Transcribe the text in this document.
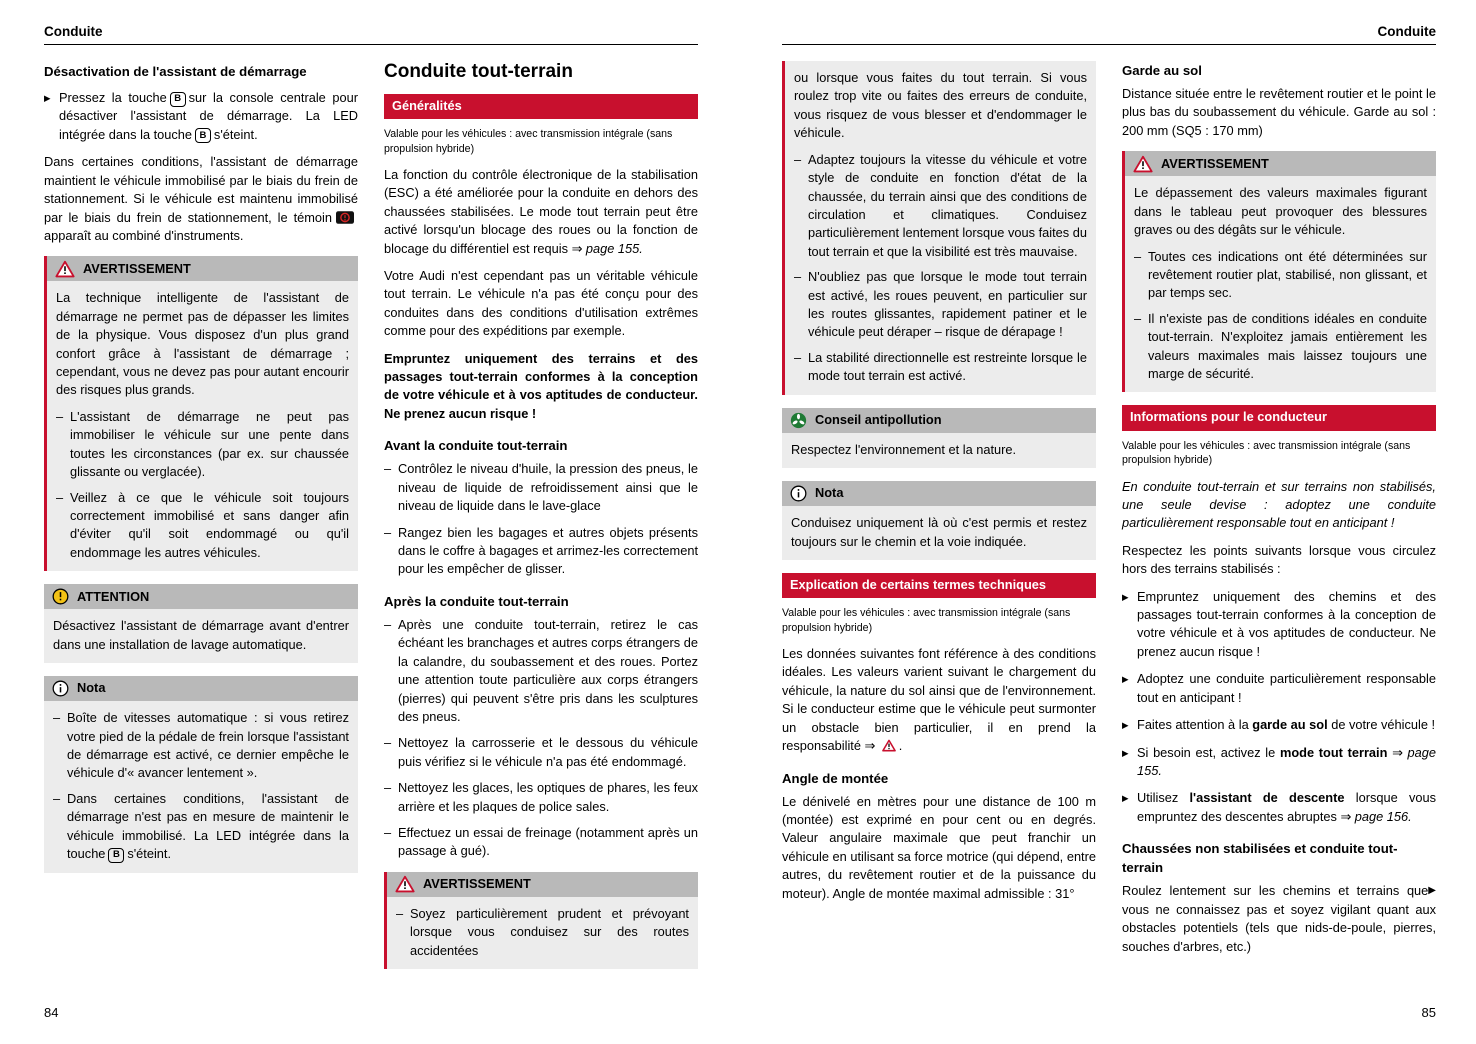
Conduite
Désactivation de l'assistant de démarrage

▶ Pressez la touche B sur la console centrale pour désactiver l'assistant de démarrage. La LED intégrée dans la touche B s'éteint.

Dans certaines conditions, l'assistant de démarrage maintient le véhicule immobilisé par le biais du frein de stationnement. Si le véhicule est maintenu immobilisé par le biais du frein de stationnement, le témoinapparaît au combiné d'instruments.

AVERTISSEMENT

La technique intelligente de l'assistant de démarrage ne permet pas de dépasser les limites de la physique. Vous disposez d'un plus grand confort grâce à l'assistant de démarrage ; cependant, vous ne devez pas pour autant encourir des risques plus grands.

– L'assistant de démarrage ne peut pas immobiliser le véhicule sur une pente dans toutes les circonstances (par ex. sur chaussée glissante ou verglacée).

– Veillez à ce que le véhicule soit toujours correctement immobilisé et sans danger afin d'éviter qu'il soit endommagé ou qu'il endommage les autres véhicules.

ATTENTION

Désactivez l'assistant de démarrage avant d'entrer dans une installation de lavage automatique.

Nota

– Boîte de vitesses automatique : si vous retirez votre pied de la pédale de frein lorsque l'assistant de démarrage est activé, ce dernier empêche le véhicule d'« avancer lentement ».

– Dans certaines conditions, l'assistant de démarrage n'est pas en mesure de maintenir le véhicule immobilisé. La LED intégrée dans la touche B s'éteint.

Conduite tout-terrain
Généralités

Valable pour les véhicules : avec transmission intégrale (sans propulsion hybride)

La fonction du contrôle électronique de la stabilisation (ESC) a été améliorée pour la conduite en dehors des chaussées stabilisées. Le mode tout terrain peut être activé lorsqu'un blocage des roues ou la fonction de blocage du différentiel est requis ⇒ page 155.

Votre Audi n'est cependant pas un véritable véhicule tout terrain. Le véhicule n'a pas été conçu pour des conduites dans des conditions d'utilisation extrêmes comme pour des expéditions par exemple.

Empruntez uniquement des terrains et des passages tout-terrain conformes à la conception de votre véhicule et à vos aptitudes de conducteur. Ne prenez aucun risque !

Avant la conduite tout-terrain

– Contrôlez le niveau d'huile, la pression des pneus, le niveau de liquide de refroidissement ainsi que le niveau de liquide dans le lave-glace

– Rangez bien les bagages et autres objets présents dans le coffre à bagages et arrimez-les correctement pour les empêcher de glisser.

Après la conduite tout-terrain

– Après une conduite tout-terrain, retirez le cas échéant les branchages et autres corps étrangers de la calandre, du soubassement et des roues. Portez une attention toute particulière aux corps étrangers (pierres) qui peuvent s'être pris dans les sculptures des pneus.

– Nettoyez la carrosserie et le dessous du véhicule puis vérifiez si le véhicule n'a pas été endommagé.

– Nettoyez les glaces, les optiques de phares, les feux arrière et les plaques de police sales.

– Effectuez un essai de freinage (notamment après un passage à gué).

AVERTISSEMENT

– Soyez particulièrement prudent et prévoyant lorsque vous conduisez sur des routes accidentées

84
Conduite

ou lorsque vous faites du tout terrain. Si vous roulez trop vite ou faites des erreurs de conduite, vous risquez de vous blesser et d'endommager le véhicule.

– Adaptez toujours la vitesse du véhicule et votre style de conduite en fonction d'état de la chaussée, du terrain ainsi que des conditions de circulation et climatiques. Conduisez particulièrement lentement lorsque vous faites du tout terrain et que la visibilité est très mauvaise.

– N'oubliez pas que lorsque le mode tout terrain est activé, les roues peuvent, en particulier sur les routes glissantes, rapidement patiner et le véhicule peut déraper – risque de dérapage !

– La stabilité directionnelle est restreinte lorsque le mode tout terrain est activé.

Conseil antipollution

Respectez l'environnement et la nature.

Nota

Conduisez uniquement là où c'est permis et restez toujours sur le chemin et la voie indiquée.

Explication de certains termes techniques

Valable pour les véhicules : avec transmission intégrale (sans propulsion hybride)

Les données suivantes font référence à des conditions idéales. Les valeurs varient suivant le chargement du véhicule, la nature du sol ainsi que de l'environnement. Si le conducteur estime que le véhicule peut surmonter un obstacle bien particulier, il en prend la responsabilité ⇒ .

Angle de montée

Le dénivelé en mètres pour une distance de 100 m (montée) est exprimé en pour cent ou en degrés. Valeur angulaire maximale que peut franchir un véhicule en utilisant sa force motrice (qui dépend, entre autres, du revêtement routier et de la puissance du moteur). Angle de montée maximal admissible : 31°

Garde au sol

Distance située entre le revêtement routier et le point le plus bas du soubassement du véhicule. Garde au sol : 200 mm (SQ5 : 170 mm)

AVERTISSEMENT

Le dépassement des valeurs maximales figurant dans le tableau peut provoquer des blessures graves ou des dégâts sur le véhicule.

– Toutes ces indications ont été déterminées sur revêtement routier plat, stabilisé, non glissant, et par temps sec.

– Il n'existe pas de conditions idéales en conduite tout-terrain. N'exploitez jamais entièrement les valeurs maximales mais laissez toujours une marge de sécurité.

Informations pour le conducteur

Valable pour les véhicules : avec transmission intégrale (sans propulsion hybride)

En conduite tout-terrain et sur terrains non stabilisés, une seule devise : adoptez une conduite particulièrement responsable tout en anticipant !

Respectez les points suivants lorsque vous circulez hors des terrains stabilisés :

▶ Empruntez uniquement des chemins et des passages tout-terrain conformes à la conception de votre véhicule et à vos aptitudes de conducteur. Ne prenez aucun risque !

▶ Adoptez une conduite particulièrement responsable tout en anticipant !

▶ Faites attention à la garde au sol de votre véhicule !

▶ Si besoin est, activez le mode tout terrain ⇒ page 155.

▶ Utilisez l'assistant de descente lorsque vous empruntez des descentes abruptes ⇒ page 156.

Chaussées non stabilisées et conduite tout-terrain

▶
Roulez lentement sur les chemins et terrains que vous ne connaissez pas et soyez vigilant quant aux obstacles potentiels (tels que nids-de-poule, pierres, souches d'arbres, etc.)

85
